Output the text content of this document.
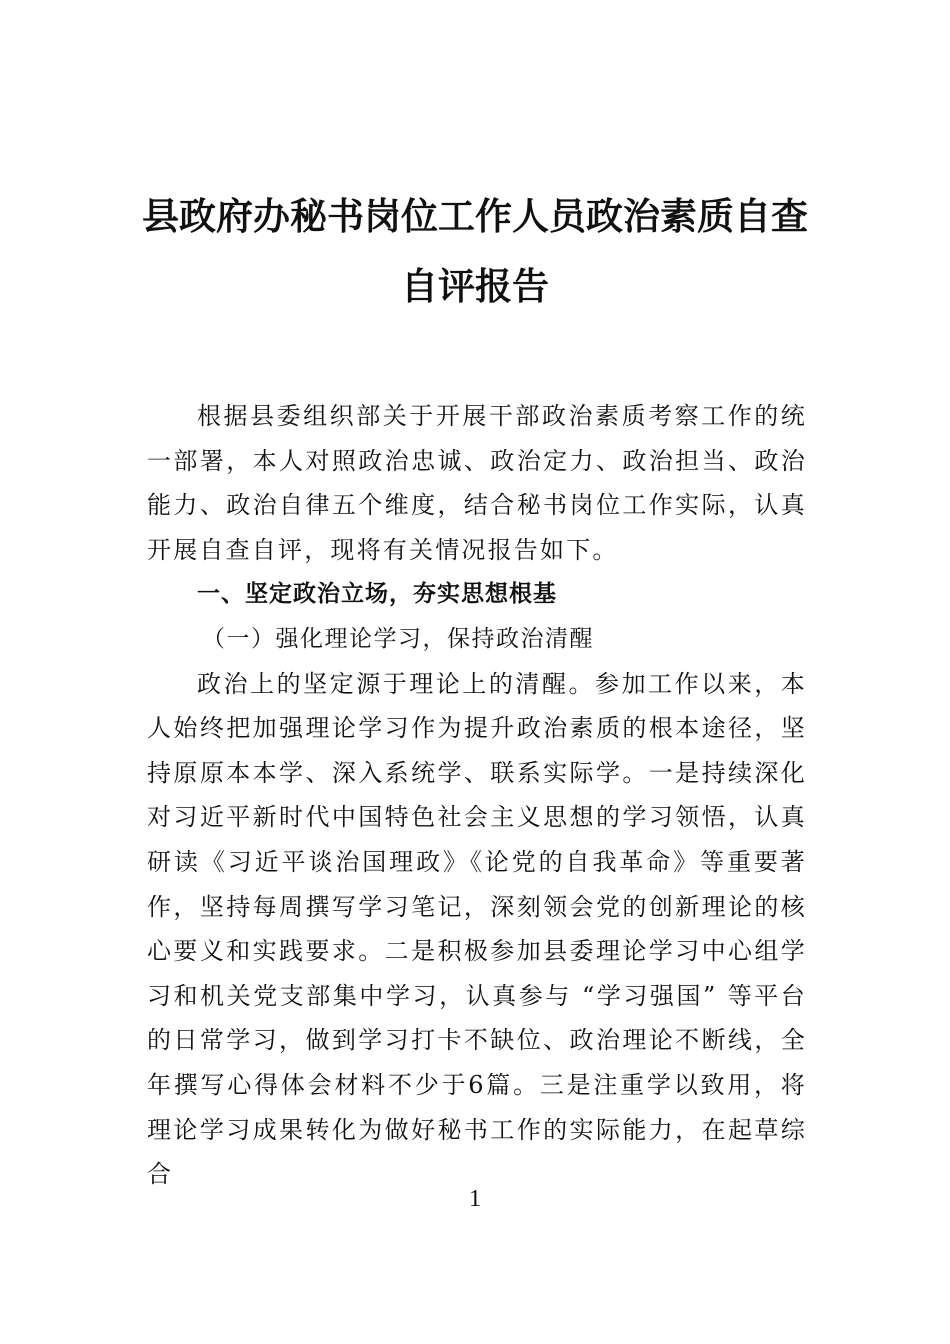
县政府办秘书岗位工作人员政治素质自查
自评报告

根据县委组织部关于开展干部政治素质考察工作的统一部署，本人对照政治忠诚、政治定力、政治担当、政治能力、政治自律五个维度，结合秘书岗位工作实际，认真开展自查自评，现将有关情况报告如下。

一、坚定政治立场，夯实思想根基

（一）强化理论学习，保持政治清醒

政治上的坚定源于理论上的清醒。参加工作以来，本人始终把加强理论学习作为提升政治素质的根本途径，坚持原原本本学、深入系统学、联系实际学。一是持续深化对习近平新时代中国特色社会主义思想的学习领悟，认真研读《习近平谈治国理政》《论党的自我革命》等重要著作，坚持每周撰写学习笔记，深刻领会党的创新理论的核心要义和实践要求。二是积极参加县委理论学习中心组学习和机关党支部集中学习，认真参与 “学习强国” 等平台的日常学习，做到学习打卡不缺位、政治理论不断线，全年撰写心得体会材料不少于6篇。三是注重学以致用，将理论学习成果转化为做好秘书工作的实际能力，在起草综合

1
